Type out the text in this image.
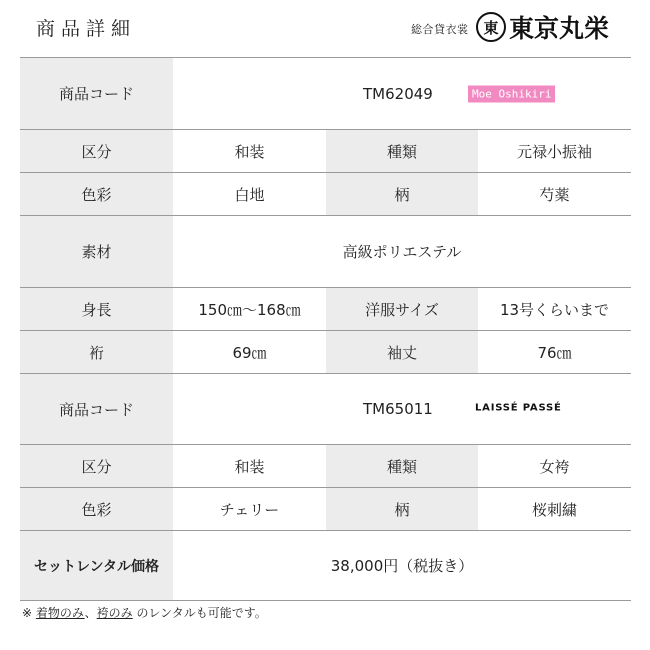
商品詳細	総合貸衣裳 東 東京丸栄
商品コード	TM62049	Moe Oshikiri
区分	和装	種類	元禄小振袖
色彩	白地	柄	芍薬
素材	高級ポリエステル
身長	150㎝～168㎝	洋服サイズ	13号くらいまで
裄	69㎝	袖丈	76㎝
商品コード	TM65011	LAISSÉ PASSÉ
区分	和装	種類	女袴
色彩	チェリー	柄	桜刺繍
セットレンタル価格	38,000円（税抜き）
※ 着物のみ、袴のみ のレンタルも可能です。
